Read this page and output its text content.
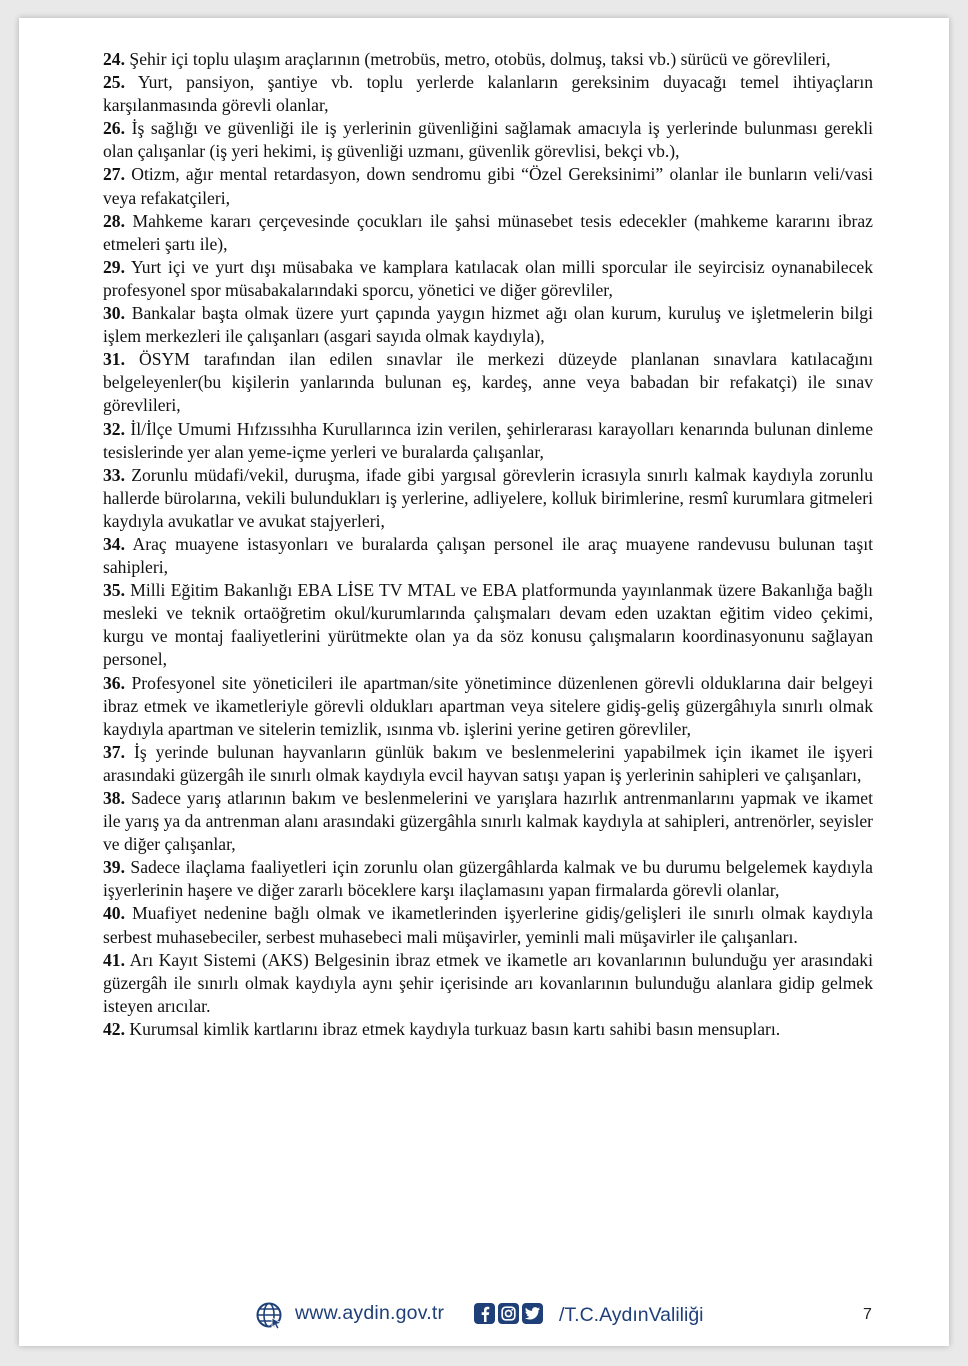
24. Şehir içi toplu ulaşım araçlarının (metrobüs, metro, otobüs, dolmuş, taksi vb.) sürücü ve görevlileri,

25. Yurt, pansiyon, şantiye vb. toplu yerlerde kalanların gereksinim duyacağı temel ihtiyaçların karşılanmasında görevli olanlar,

26. İş sağlığı ve güvenliği ile iş yerlerinin güvenliğini sağlamak amacıyla iş yerlerinde bulunması gerekli olan çalışanlar (iş yeri hekimi, iş güvenliği uzmanı, güvenlik görevlisi, bekçi vb.),

27. Otizm, ağır mental retardasyon, down sendromu gibi “Özel Gereksinimi” olanlar ile bunların veli/vasi veya refakatçileri,

28. Mahkeme kararı çerçevesinde çocukları ile şahsi münasebet tesis edecekler (mahkeme kararını ibraz etmeleri şartı ile),

29. Yurt içi ve yurt dışı müsabaka ve kamplara katılacak olan milli sporcular ile seyircisiz oynanabilecek profesyonel spor müsabakalarındaki sporcu, yönetici ve diğer görevliler,

30. Bankalar başta olmak üzere yurt çapında yaygın hizmet ağı olan kurum, kuruluş ve işletmelerin bilgi işlem merkezleri ile çalışanları (asgari sayıda olmak kaydıyla),

31. ÖSYM tarafından ilan edilen sınavlar ile merkezi düzeyde planlanan sınavlara katılacağını belgeleyenler(bu kişilerin yanlarında bulunan eş, kardeş, anne veya babadan bir refakatçi) ile sınav görevlileri,

32. İl/İlçe Umumi Hıfzıssıhha Kurullarınca izin verilen, şehirlerarası karayolları kenarında bulunan dinleme tesislerinde yer alan yeme-içme yerleri ve buralarda çalışanlar,

33. Zorunlu müdafi/vekil, duruşma, ifade gibi yargısal görevlerin icrasıyla sınırlı kalmak kaydıyla zorunlu hallerde bürolarına, vekili bulundukları iş yerlerine, adliyelere, kolluk birimlerine, resmî kurumlara gitmeleri kaydıyla avukatlar ve avukat stajyerleri,

34. Araç muayene istasyonları ve buralarda çalışan personel ile araç muayene randevusu bulunan taşıt sahipleri,

35. Milli Eğitim Bakanlığı EBA LİSE TV MTAL ve EBA platformunda yayınlanmak üzere Bakanlığa bağlı mesleki ve teknik ortaöğretim okul/kurumlarında çalışmaları devam eden uzaktan eğitim video çekimi, kurgu ve montaj faaliyetlerini yürütmekte olan ya da söz konusu çalışmaların koordinasyonunu sağlayan personel,

36. Profesyonel site yöneticileri ile apartman/site yönetimince düzenlenen görevli olduklarına dair belgeyi ibraz etmek ve ikametleriyle görevli oldukları apartman veya sitelere gidiş-geliş güzergâhıyla sınırlı olmak kaydıyla apartman ve sitelerin temizlik, ısınma vb. işlerini yerine getiren görevliler,

37. İş yerinde bulunan hayvanların günlük bakım ve beslenmelerini yapabilmek için ikamet ile işyeri arasındaki güzergâh ile sınırlı olmak kaydıyla evcil hayvan satışı yapan iş yerlerinin sahipleri ve çalışanları,

38. Sadece yarış atlarının bakım ve beslenmelerini ve yarışlara hazırlık antrenmanlarını yapmak ve ikamet ile yarış ya da antrenman alanı arasındaki güzergâhla sınırlı kalmak kaydıyla at sahipleri, antrenörler, seyisler ve diğer çalışanlar,

39. Sadece ilaçlama faaliyetleri için zorunlu olan güzergâhlarda kalmak ve bu durumu belgelemek kaydıyla işyerlerinin haşere ve diğer zararlı böceklere karşı ilaçlamasını yapan firmalarda görevli olanlar,

40. Muafiyet nedenine bağlı olmak ve ikametlerinden işyerlerine gidiş/gelişleri ile sınırlı olmak kaydıyla serbest muhasebeciler, serbest muhasebeci mali müşavirler, yeminli mali müşavirler ile çalışanları.

41. Arı Kayıt Sistemi (AKS) Belgesinin ibraz etmek ve ikametle arı kovanlarının bulunduğu yer arasındaki güzergâh ile sınırlı olmak kaydıyla aynı şehir içerisinde arı kovanlarının bulunduğu alanlara gidip gelmek isteyen arıcılar.

42. Kurumsal kimlik kartlarını ibraz etmek kaydıyla turkuaz basın kartı sahibi basın mensupları.

www.aydin.gov.tr	/T.C.AydınValiliği	7
